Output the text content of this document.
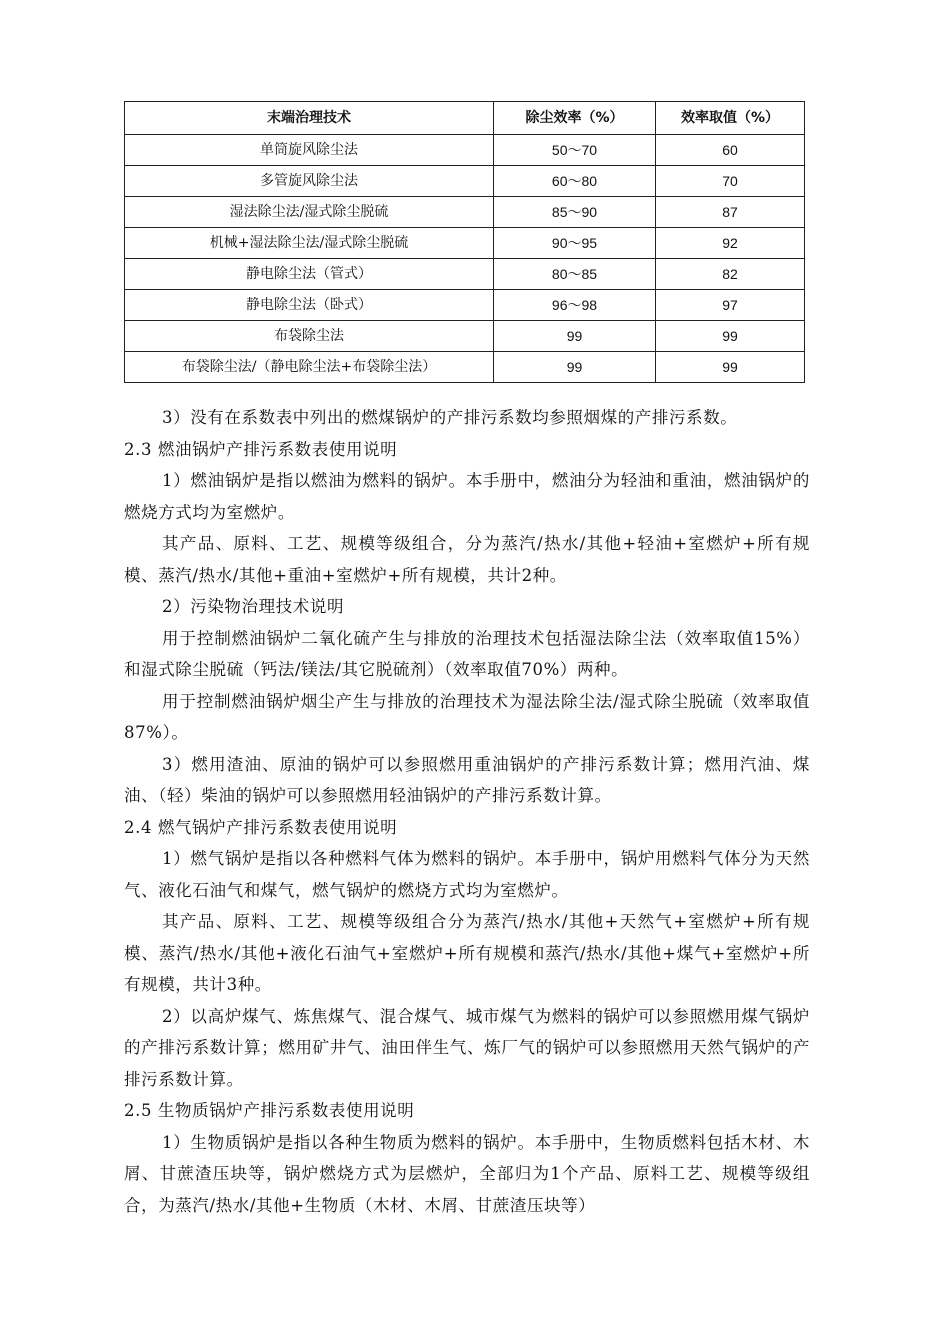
末端治理技术	除尘效率（%）	效率取值（%）
单筒旋风除尘法	50～70	60
多管旋风除尘法	60～80	70
湿法除尘法/湿式除尘脱硫	85～90	87
机械+湿法除尘法/湿式除尘脱硫	90～95	92
静电除尘法（管式）	80～85	82
静电除尘法（卧式）	96～98	97
布袋除尘法	99	99
布袋除尘法/（静电除尘法+布袋除尘法）	99	99

3）没有在系数表中列出的燃煤锅炉的产排污系数均参照烟煤的产排污系数。

2.3 燃油锅炉产排污系数表使用说明

1）燃油锅炉是指以燃油为燃料的锅炉。本手册中，燃油分为轻油和重油，燃油锅炉的燃烧方式均为室燃炉。

其产品、原料、工艺、规模等级组合，分为蒸汽/热水/其他+轻油+室燃炉+所有规模、蒸汽/热水/其他+重油+室燃炉+所有规模，共计2种。

2）污染物治理技术说明

用于控制燃油锅炉二氧化硫产生与排放的治理技术包括湿法除尘法（效率取值15%）和湿式除尘脱硫（钙法/镁法/其它脱硫剂）（效率取值70%）两种。

用于控制燃油锅炉烟尘产生与排放的治理技术为湿法除尘法/湿式除尘脱硫（效率取值87%）。

3）燃用渣油、原油的锅炉可以参照燃用重油锅炉的产排污系数计算；燃用汽油、煤油、（轻）柴油的锅炉可以参照燃用轻油锅炉的产排污系数计算。

2.4 燃气锅炉产排污系数表使用说明

1）燃气锅炉是指以各种燃料气体为燃料的锅炉。本手册中，锅炉用燃料气体分为天然气、液化石油气和煤气，燃气锅炉的燃烧方式均为室燃炉。

其产品、原料、工艺、规模等级组合分为蒸汽/热水/其他+天然气+室燃炉+所有规模、蒸汽/热水/其他+液化石油气+室燃炉+所有规模和蒸汽/热水/其他+煤气+室燃炉+所有规模，共计3种。

2）以高炉煤气、炼焦煤气、混合煤气、城市煤气为燃料的锅炉可以参照燃用煤气锅炉的产排污系数计算；燃用矿井气、油田伴生气、炼厂气的锅炉可以参照燃用天然气锅炉的产排污系数计算。

2.5 生物质锅炉产排污系数表使用说明

1）生物质锅炉是指以各种生物质为燃料的锅炉。本手册中，生物质燃料包括木材、木屑、甘蔗渣压块等，锅炉燃烧方式为层燃炉，全部归为1个产品、原料工艺、规模等级组合，为蒸汽/热水/其他+生物质（木材、木屑、甘蔗渣压块等）
